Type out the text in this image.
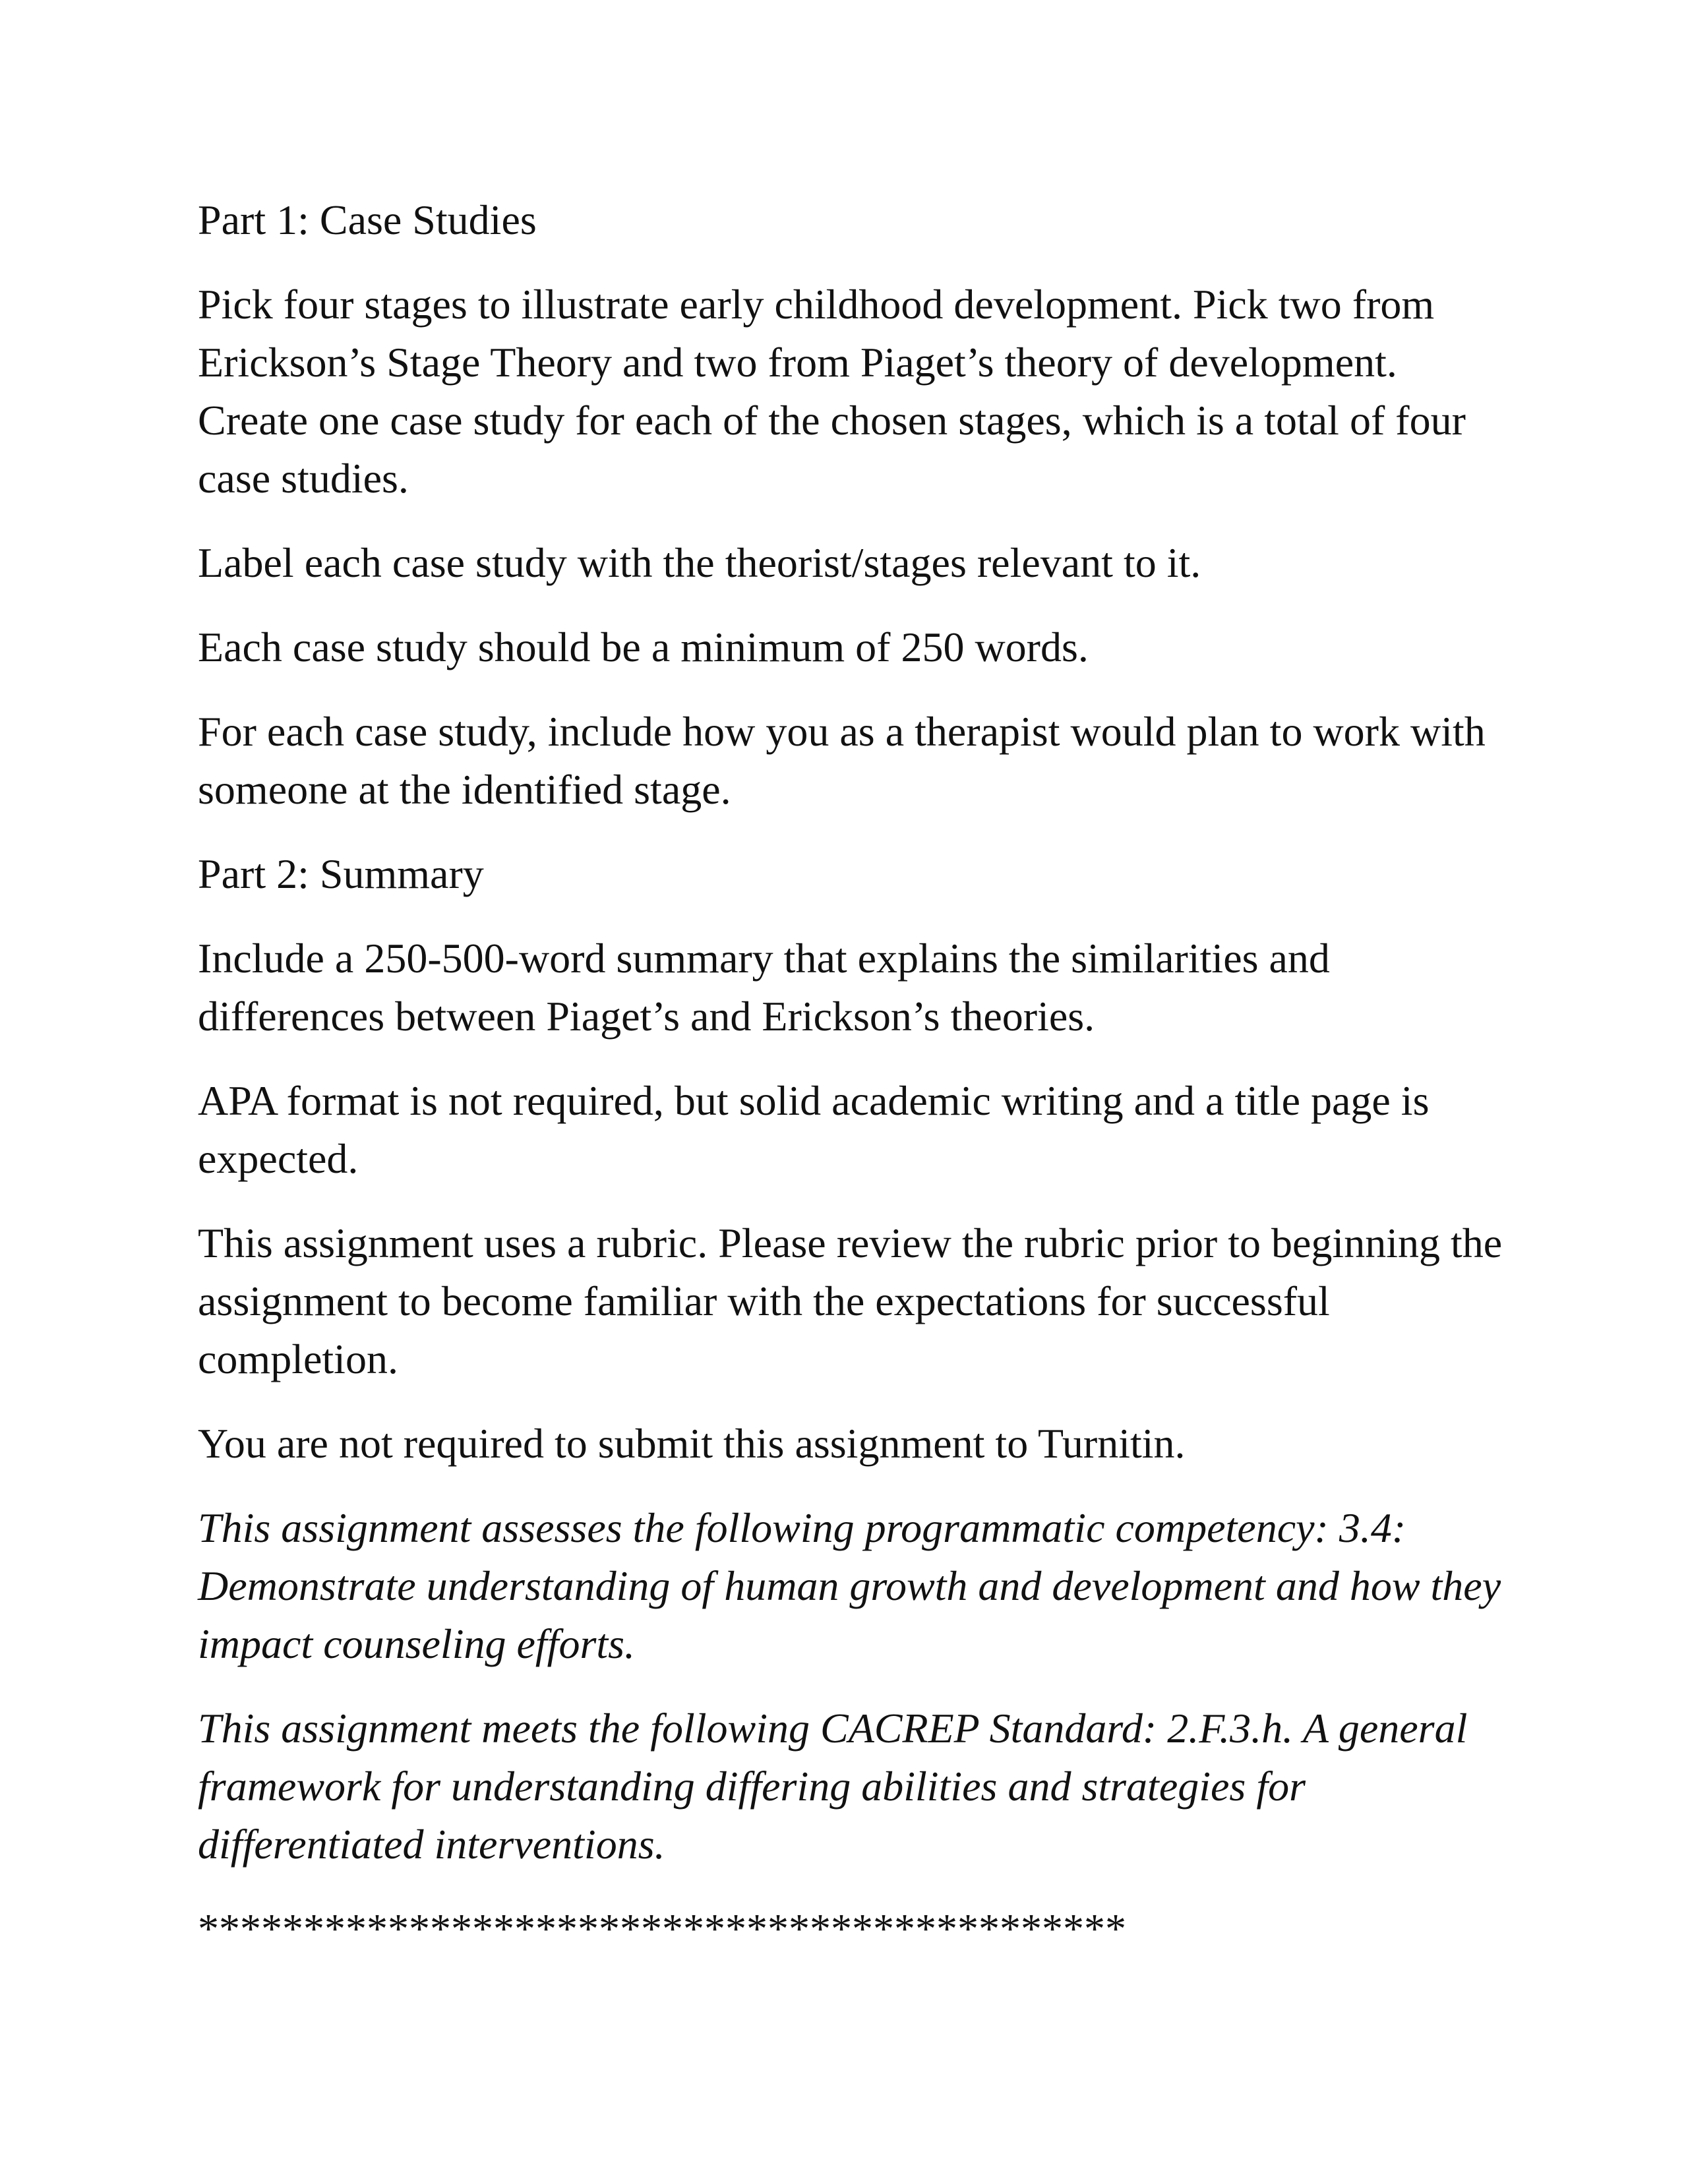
Part 1: Case Studies

Pick four stages to illustrate early childhood development. Pick two from Erickson’s Stage Theory and two from Piaget’s theory of development. Create one case study for each of the chosen stages, which is a total of four case studies.

Label each case study with the theorist/stages relevant to it.

Each case study should be a minimum of 250 words.

For each case study, include how you as a therapist would plan to work with someone at the identified stage.

Part 2: Summary

Include a 250-500-word summary that explains the similarities and differences between Piaget’s and Erickson’s theories.

APA format is not required, but solid academic writing and a title page is expected.

This assignment uses a rubric. Please review the rubric prior to beginning the assignment to become familiar with the expectations for successful completion.

You are not required to submit this assignment to Turnitin.

This assignment assesses the following programmatic competency: 3.4: Demonstrate understanding of human growth and development and how they impact counseling efforts.

This assignment meets the following CACREP Standard: 2.F.3.h. A general framework for understanding differing abilities and strategies for differentiated interventions.

********************************************
